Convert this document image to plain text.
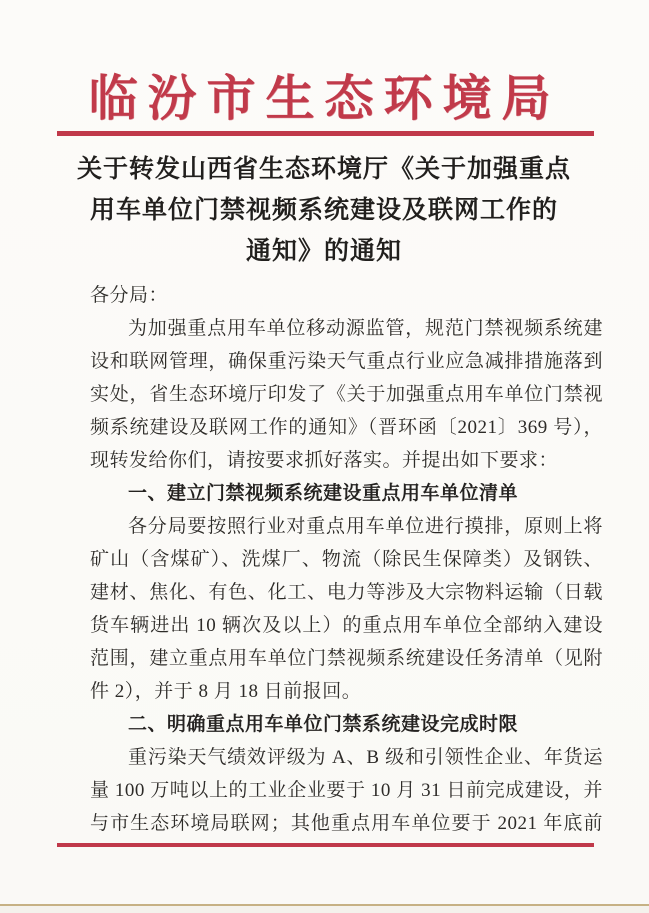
临汾市生态环境局
关于转发山西省生态环境厅《关于加强重点
用车单位门禁视频系统建设及联网工作的
通知》的通知
各分局：
为加强重点用车单位移动源监管，规范门禁视频系统建
设和联网管理，确保重污染天气重点行业应急减排措施落到
实处，省生态环境厅印发了《关于加强重点用车单位门禁视
频系统建设及联网工作的通知》（晋环函〔2021〕369 号），
现转发给你们，请按要求抓好落实。并提出如下要求：
一、建立门禁视频系统建设重点用车单位清单
各分局要按照行业对重点用车单位进行摸排，原则上将
矿山（含煤矿）、洗煤厂、物流（除民生保障类）及钢铁、
建材、焦化、有色、化工、电力等涉及大宗物料运输（日载
货车辆进出 10 辆次及以上）的重点用车单位全部纳入建设
范围，建立重点用车单位门禁视频系统建设任务清单（见附
件 2），并于 8 月 18 日前报回。
二、明确重点用车单位门禁系统建设完成时限
重污染天气绩效评级为 A、B 级和引领性企业、年货运
量 100 万吨以上的工业企业要于 10 月 31 日前完成建设，并
与市生态环境局联网；其他重点用车单位要于 2021 年底前
